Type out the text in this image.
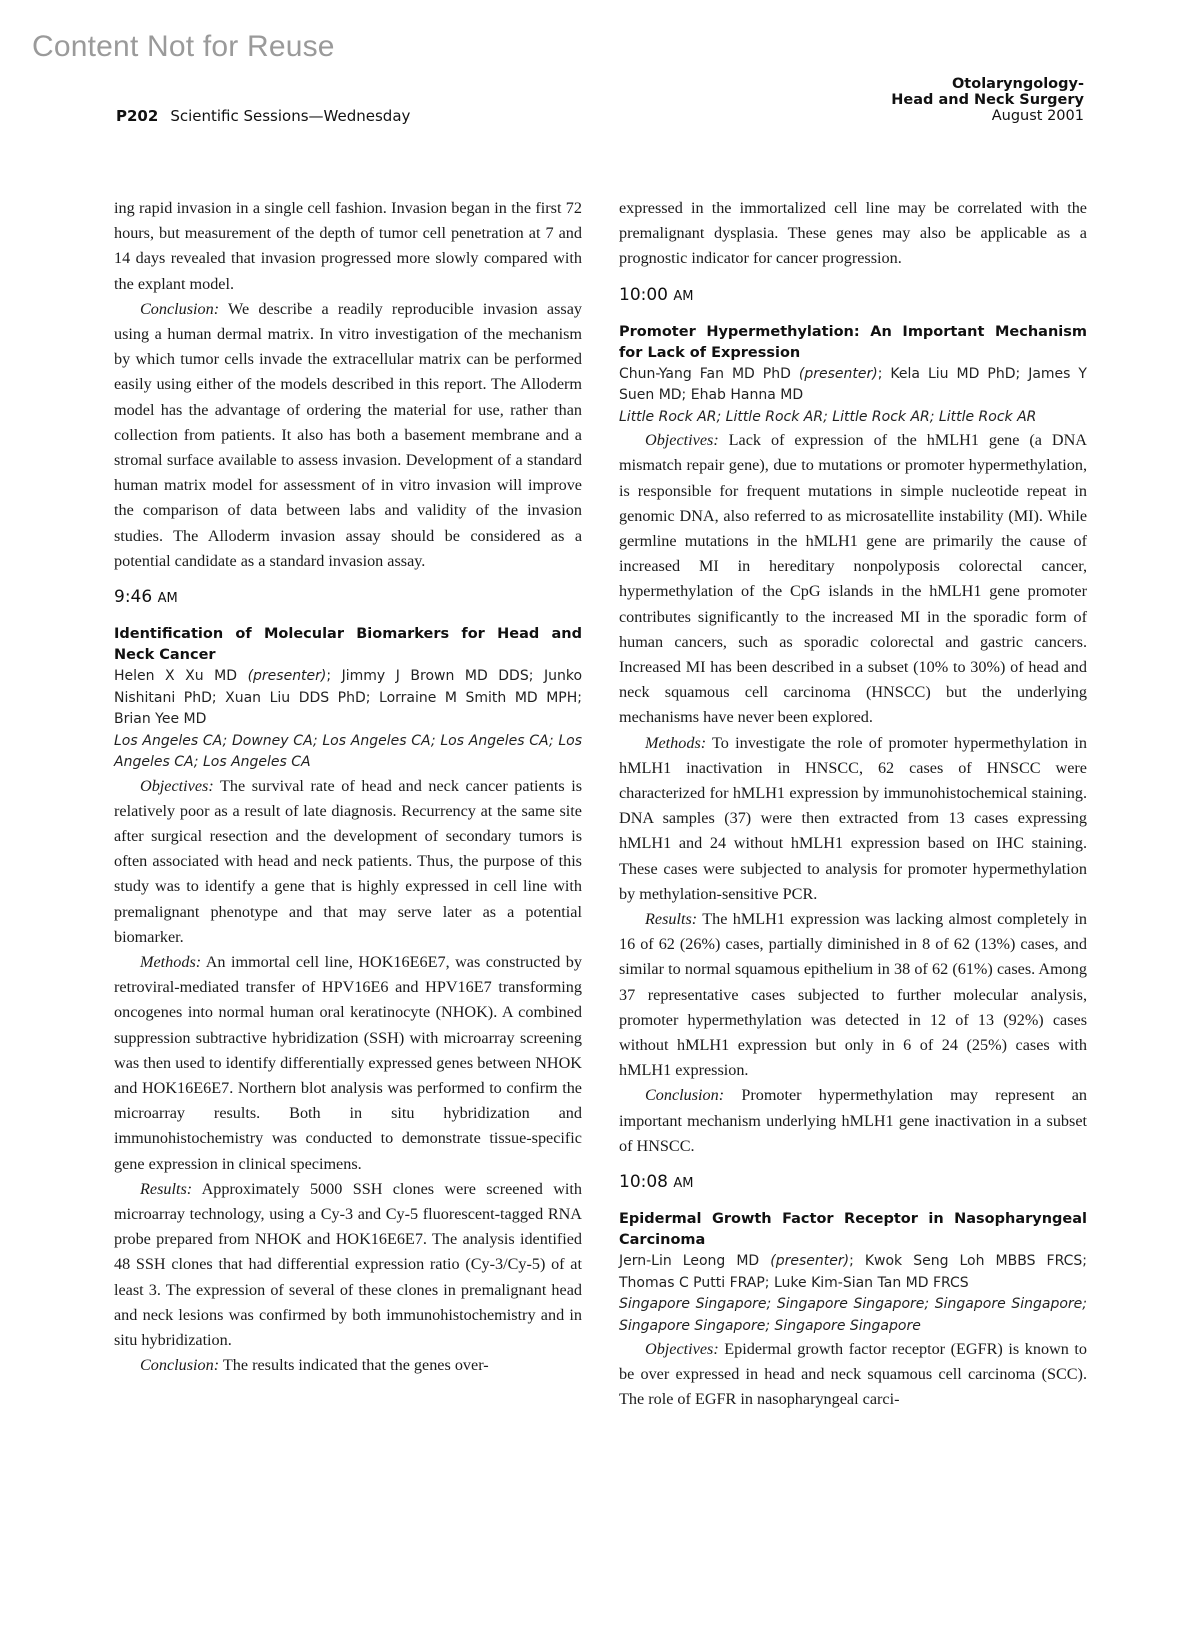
Content Not for Reuse
P202 Scientific Sessions—Wednesday
Otolaryngology-
Head and Neck Surgery
August 2001

ing rapid invasion in a single cell fashion. Invasion began in the first 72 hours, but measurement of the depth of tumor cell penetration at 7 and 14 days revealed that invasion progressed more slowly compared with the explant model.

Conclusion: We describe a readily reproducible invasion assay using a human dermal matrix. In vitro investigation of the mechanism by which tumor cells invade the extracellular matrix can be performed easily using either of the models described in this report. The Alloderm model has the advantage of ordering the material for use, rather than collection from patients. It also has both a basement membrane and a stromal surface available to assess invasion. Development of a standard human matrix model for assessment of in vitro invasion will improve the comparison of data between labs and validity of the invasion studies. The Alloderm invasion assay should be considered as a potential candidate as a standard invasion assay.

9:46 AM

Identification of Molecular Biomarkers for Head and Neck Cancer

Helen X Xu MD (presenter); Jimmy J Brown MD DDS; Junko Nishitani PhD; Xuan Liu DDS PhD; Lorraine M Smith MD MPH; Brian Yee MD

Los Angeles CA; Downey CA; Los Angeles CA; Los Angeles CA; Los Angeles CA; Los Angeles CA

Objectives: The survival rate of head and neck cancer patients is relatively poor as a result of late diagnosis. Recurrency at the same site after surgical resection and the development of secondary tumors is often associated with head and neck patients. Thus, the purpose of this study was to identify a gene that is highly expressed in cell line with premalignant phenotype and that may serve later as a potential biomarker.

Methods: An immortal cell line, HOK16E6E7, was constructed by retroviral-mediated transfer of HPV16E6 and HPV16E7 transforming oncogenes into normal human oral keratinocyte (NHOK). A combined suppression subtractive hybridization (SSH) with microarray screening was then used to identify differentially expressed genes between NHOK and HOK16E6E7. Northern blot analysis was performed to confirm the microarray results. Both in situ hybridization and immunohistochemistry was conducted to demonstrate tissue-specific gene expression in clinical specimens.

Results: Approximately 5000 SSH clones were screened with microarray technology, using a Cy-3 and Cy-5 fluorescent-tagged RNA probe prepared from NHOK and HOK16E6E7. The analysis identified 48 SSH clones that had differential expression ratio (Cy-3/Cy-5) of at least 3. The expression of several of these clones in premalignant head and neck lesions was confirmed by both immunohistochemistry and in situ hybridization.

Conclusion: The results indicated that the genes over-

expressed in the immortalized cell line may be correlated with the premalignant dysplasia. These genes may also be applicable as a prognostic indicator for cancer progression.

10:00 AM

Promoter Hypermethylation: An Important Mechanism for Lack of Expression

Chun-Yang Fan MD PhD (presenter); Kela Liu MD PhD; James Y Suen MD; Ehab Hanna MD

Little Rock AR; Little Rock AR; Little Rock AR; Little Rock AR

Objectives: Lack of expression of the hMLH1 gene (a DNA mismatch repair gene), due to mutations or promoter hypermethylation, is responsible for frequent mutations in simple nucleotide repeat in genomic DNA, also referred to as microsatellite instability (MI). While germline mutations in the hMLH1 gene are primarily the cause of increased MI in hereditary nonpolyposis colorectal cancer, hypermethylation of the CpG islands in the hMLH1 gene promoter contributes significantly to the increased MI in the sporadic form of human cancers, such as sporadic colorectal and gastric cancers. Increased MI has been described in a subset (10% to 30%) of head and neck squamous cell carcinoma (HNSCC) but the underlying mechanisms have never been explored.

Methods: To investigate the role of promoter hypermethylation in hMLH1 inactivation in HNSCC, 62 cases of HNSCC were characterized for hMLH1 expression by immunohistochemical staining. DNA samples (37) were then extracted from 13 cases expressing hMLH1 and 24 without hMLH1 expression based on IHC staining. These cases were subjected to analysis for promoter hypermethylation by methylation-sensitive PCR.

Results: The hMLH1 expression was lacking almost completely in 16 of 62 (26%) cases, partially diminished in 8 of 62 (13%) cases, and similar to normal squamous epithelium in 38 of 62 (61%) cases. Among 37 representative cases subjected to further molecular analysis, promoter hypermethylation was detected in 12 of 13 (92%) cases without hMLH1 expression but only in 6 of 24 (25%) cases with hMLH1 expression.

Conclusion: Promoter hypermethylation may represent an important mechanism underlying hMLH1 gene inactivation in a subset of HNSCC.

10:08 AM

Epidermal Growth Factor Receptor in Nasopharyngeal Carcinoma

Jern-Lin Leong MD (presenter); Kwok Seng Loh MBBS FRCS; Thomas C Putti FRAP; Luke Kim-Sian Tan MD FRCS

Singapore Singapore; Singapore Singapore; Singapore Singapore; Singapore Singapore; Singapore Singapore

Objectives: Epidermal growth factor receptor (EGFR) is known to be over expressed in head and neck squamous cell carcinoma (SCC). The role of EGFR in nasopharyngeal carci-
